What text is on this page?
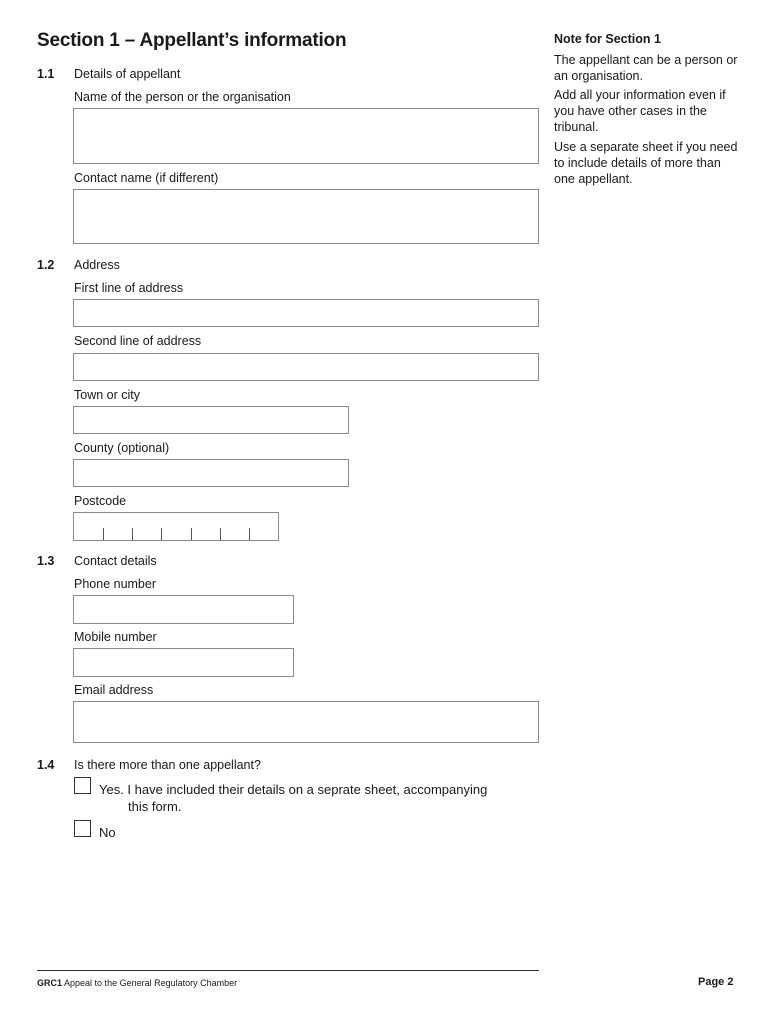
Section 1 – Appellant’s information
1.1 Details of appellant
Name of the person or the organisation
Contact name (if different)
1.2 Address
First line of address
Second line of address
Town or city
County (optional)
Postcode
1.3 Contact details
Phone number
Mobile number
Email address
1.4 Is there more than one appellant?
Yes. I have included their details on a seprate sheet, accompanying
this form.
No
Note for Section 1
The appellant can be a person or an organisation.
Add all your information even if you have other cases in the tribunal.
Use a separate sheet if you need to include details of more than one appellant.
GRC1 Appeal to the General Regulatory Chamber	Page 2
